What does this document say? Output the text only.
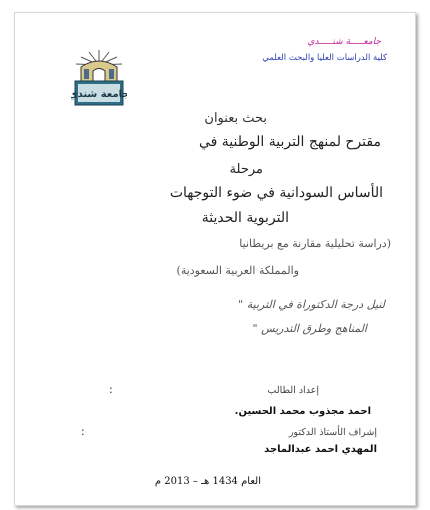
جامعـــــة شنـــــدي
كلية الدراسات العليا والبحث العلمي
جامعة شندي
بحث بعنوان
مقترح لمنهج التربية الوطنية في
مرحلة
الأساس السودانية في ضوء التوجهات
التربوية الحديثة
(دراسة تحليلية مقارنة مع بريطانيا
والمملكة العربية السعودية)
لنيل درجة الدكتوراة في التربية "
المناهج وطرق التدريس "
إعداد الطالب
:
احمد مجذوب محمد الحسين.
إشراف الأستاذ الدكتور
:
المهدي احمد عبدالماجد
العام 1434 هـ – 2013 م
